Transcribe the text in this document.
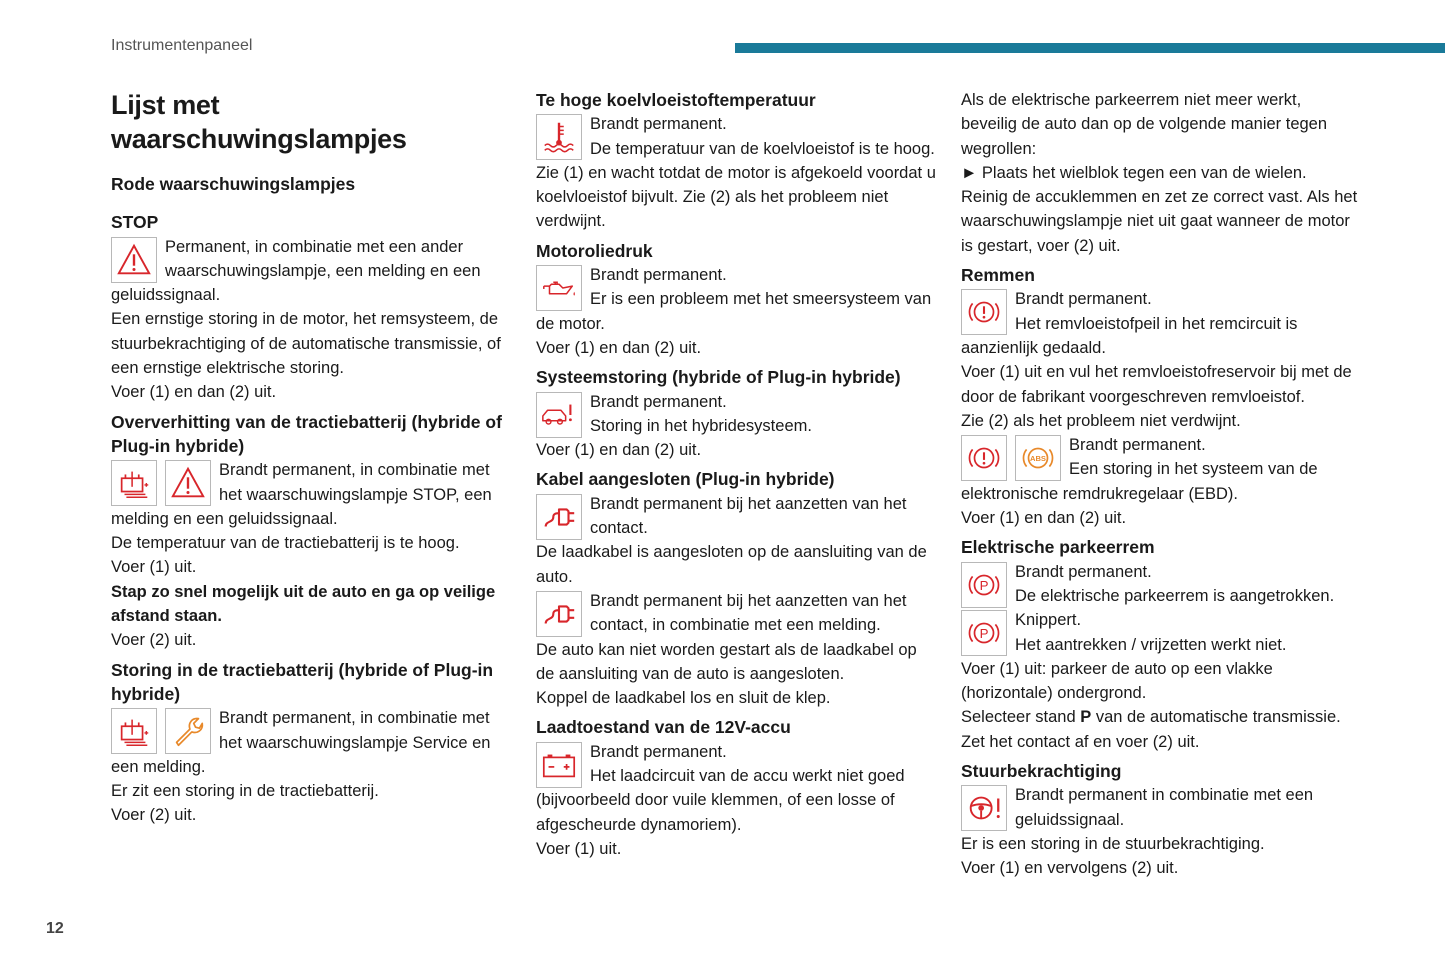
Instrumentenpaneel
12
Lijst met
waarschuwingslampjes
Rode waarschuwingslampjes
STOP
Permanent, in combinatie met een ander waarschuwingslampje, een melding en een geluidssignaal.

Een ernstige storing in de motor, het remsysteem, de stuurbekrachtiging of de automatische transmissie, of een ernstige elektrische storing.

Voer (1) en dan (2) uit.

Oververhitting van de tractiebatterij (hybride of Plug-in hybride)
Brandt permanent, in combinatie met het waarschuwingslampje STOP, een melding en een geluidssignaal.

De temperatuur van de tractiebatterij is te hoog.

Voer (1) uit.

Stap zo snel mogelijk uit de auto en ga op veilige afstand staan.

Voer (2) uit.

Storing in de tractiebatterij (hybride of Plug-in hybride)
Brandt permanent, in combinatie met het waarschuwingslampje Service en een melding.

Er zit een storing in de tractiebatterij.

Voer (2) uit.

Te hoge koelvloeistoftemperatuur
Brandt permanent.
De temperatuur van de koelvloeistof is te hoog.

Zie (1) en wacht totdat de motor is afgekoeld voordat u koelvloeistof bijvult. Zie (2) als het probleem niet verdwijnt.

Motoroliedruk
Brandt permanent.
Er is een probleem met het smeersysteem van de motor.

Voer (1) en dan (2) uit.

Systeemstoring (hybride of Plug-in hybride)
Brandt permanent.
Storing in het hybridesysteem.

Voer (1) en dan (2) uit.

Kabel aangesloten (Plug-in hybride)
Brandt permanent bij het aanzetten van het contact.

De laadkabel is aangesloten op de aansluiting van de auto.

Brandt permanent bij het aanzetten van het contact, in combinatie met een melding.

De auto kan niet worden gestart als de laadkabel op de aansluiting van de auto is aangesloten.

Koppel de laadkabel los en sluit de klep.

Laadtoestand van de 12V-accu
Brandt permanent.
Het laadcircuit van de accu werkt niet goed (bijvoorbeeld door vuile klemmen, of een losse of afgescheurde dynamoriem).

Voer (1) uit.

Als de elektrische parkeerrem niet meer werkt, beveilig de auto dan op de volgende manier tegen wegrollen:

► Plaats het wielblok tegen een van de wielen.

Reinig de accuklemmen en zet ze correct vast. Als het waarschuwingslampje niet uit gaat wanneer de motor is gestart, voer (2) uit.

Remmen
Brandt permanent.
Het remvloeistofpeil in het remcircuit is aanzienlijk gedaald.

Voer (1) uit en vul het remvloeistofreservoir bij met de door de fabrikant voorgeschreven remvloeistof.

Zie (2) als het probleem niet verdwijnt.

ABS
Brandt permanent.
Een storing in het systeem van de elektronische remdrukregelaar (EBD).

Voer (1) en dan (2) uit.

Elektrische parkeerrem
P
Brandt permanent.
De elektrische parkeerrem is aangetrokken.
P
Knippert.
Het aantrekken / vrijzetten werkt niet.

Voer (1) uit: parkeer de auto op een vlakke (horizontale) ondergrond.

Selecteer stand P van de automatische transmissie.

Zet het contact af en voer (2) uit.

Stuurbekrachtiging
Brandt permanent in combinatie met een geluidssignaal.

Er is een storing in de stuurbekrachtiging.

Voer (1) en vervolgens (2) uit.
